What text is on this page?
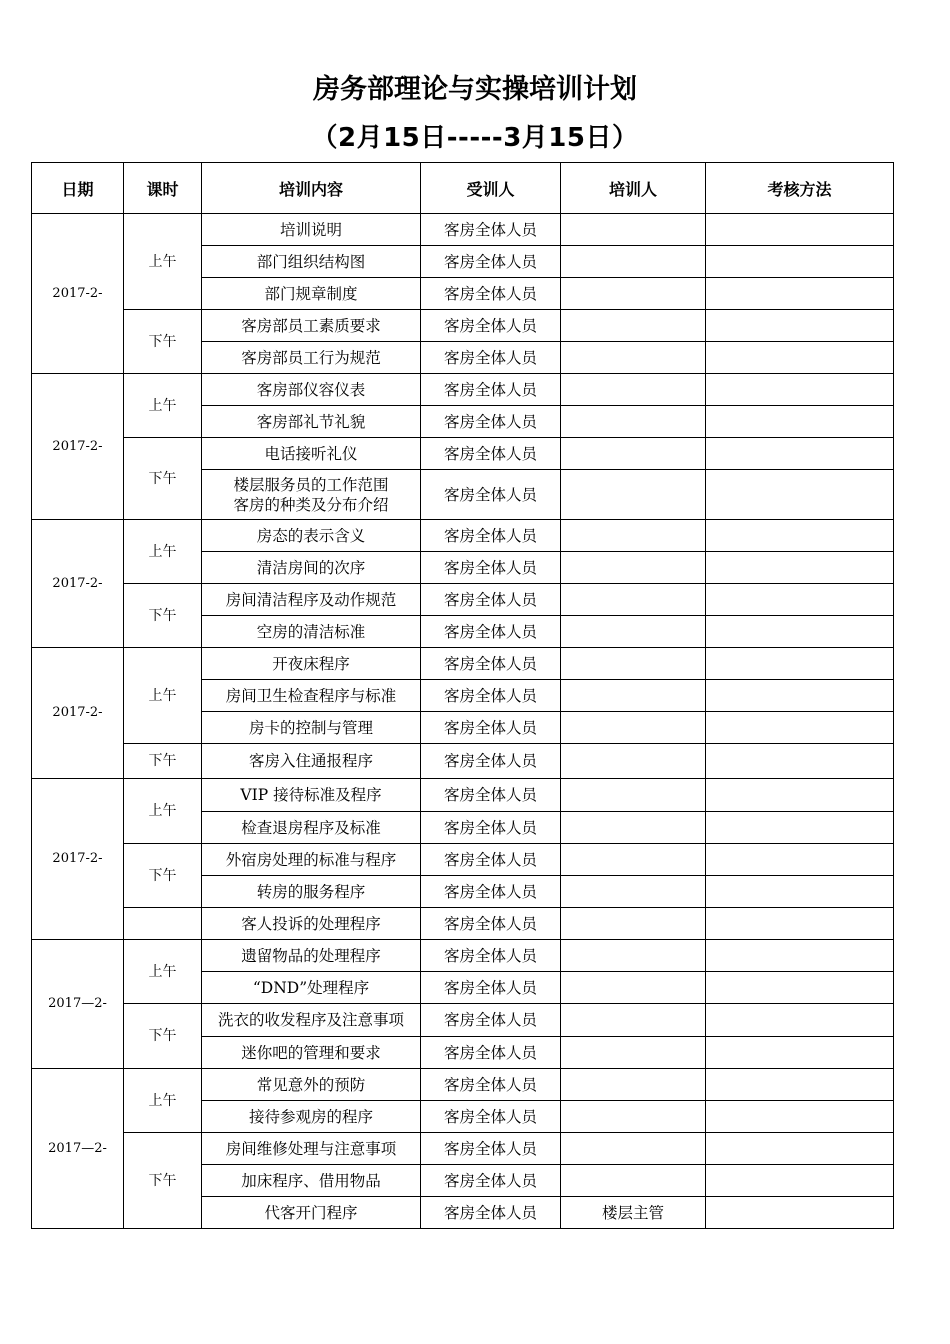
房务部理论与实操培训计划
（2月15日-----3月15日）
日期	课时	培训内容	受训人	培训人	考核方法
2017-2-	上午	培训说明	客房全体人员		
		部门组织结构图	客房全体人员		
		部门规章制度	客房全体人员		
	下午	客房部员工素质要求	客房全体人员		
		客房部员工行为规范	客房全体人员		
2017-2-	上午	客房部仪容仪表	客房全体人员		
		客房部礼节礼貌	客房全体人员		
	下午	电话接听礼仪	客房全体人员		
		楼层服务员的工作范围
客房的种类及分布介绍	客房全体人员		
2017-2-	上午	房态的表示含义	客房全体人员		
		清洁房间的次序	客房全体人员		
	下午	房间清洁程序及动作规范	客房全体人员		
		空房的清洁标准	客房全体人员		
2017-2-	上午	开夜床程序	客房全体人员		
		房间卫生检查程序与标准	客房全体人员		
		房卡的控制与管理	客房全体人员		
	下午	客房入住通报程序	客房全体人员		
2017-2-	上午	VIP 接待标准及程序	客房全体人员		
		检查退房程序及标准	客房全体人员		
	下午	外宿房处理的标准与程序	客房全体人员		
		转房的服务程序	客房全体人员		
		客人投诉的处理程序	客房全体人员		
2017—2-	上午	遗留物品的处理程序	客房全体人员		
		“DND”处理程序	客房全体人员		
	下午	洗衣的收发程序及注意事项	客房全体人员		
		迷你吧的管理和要求	客房全体人员		
2017—2-	上午	常见意外的预防	客房全体人员		
		接待参观房的程序	客房全体人员		
	下午	房间维修处理与注意事项	客房全体人员		
		加床程序、借用物品	客房全体人员		
		代客开门程序	客房全体人员	楼层主管	
